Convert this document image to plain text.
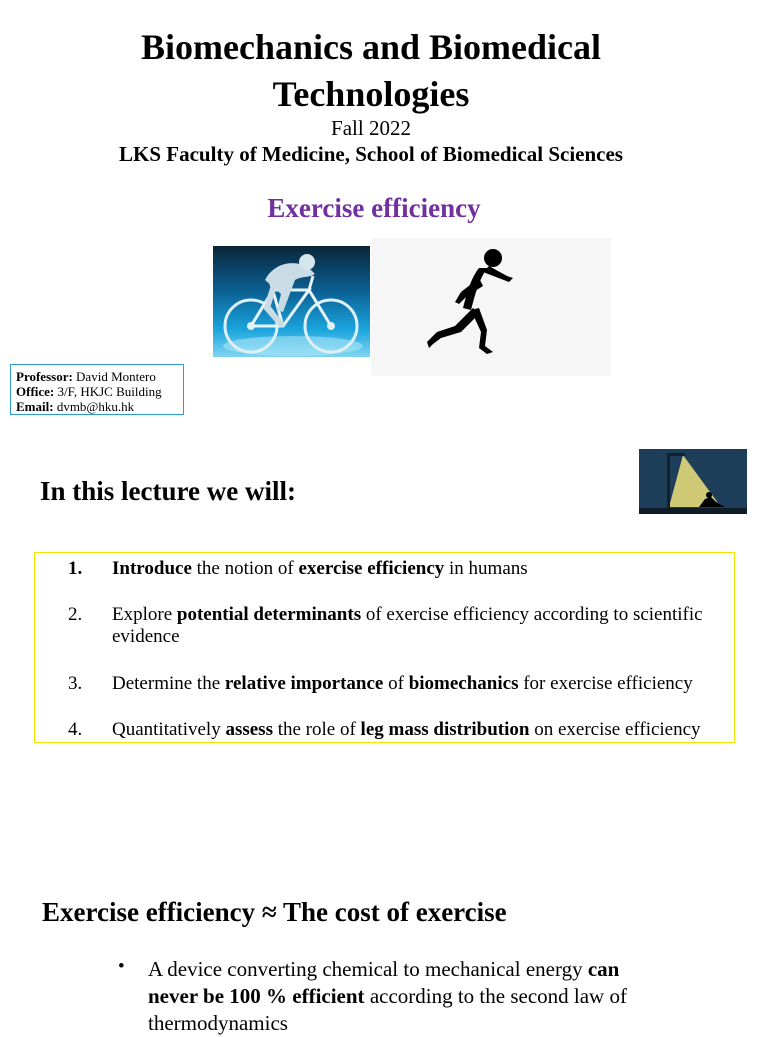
Biomechanics and Biomedical
Technologies
Fall 2022
LKS Faculty of Medicine, School of Biomedical Sciences
Exercise efficiency
Professor: David Montero
Office: 3/F, HKJC Building
Email: dvmb@hku.hk
In this lecture we will:
1.	Introduce the notion of exercise efficiency in humans
2.	Explore potential determinants of exercise efficiency according to scientific evidence
3.	Determine the relative importance of biomechanics for exercise efficiency
4.	Quantitatively assess the role of leg mass distribution on exercise efficiency
Exercise efficiency ≈ The cost of exercise
• A device converting chemical to mechanical energy can never be 100 % efficient according to the second law of thermodynamics
